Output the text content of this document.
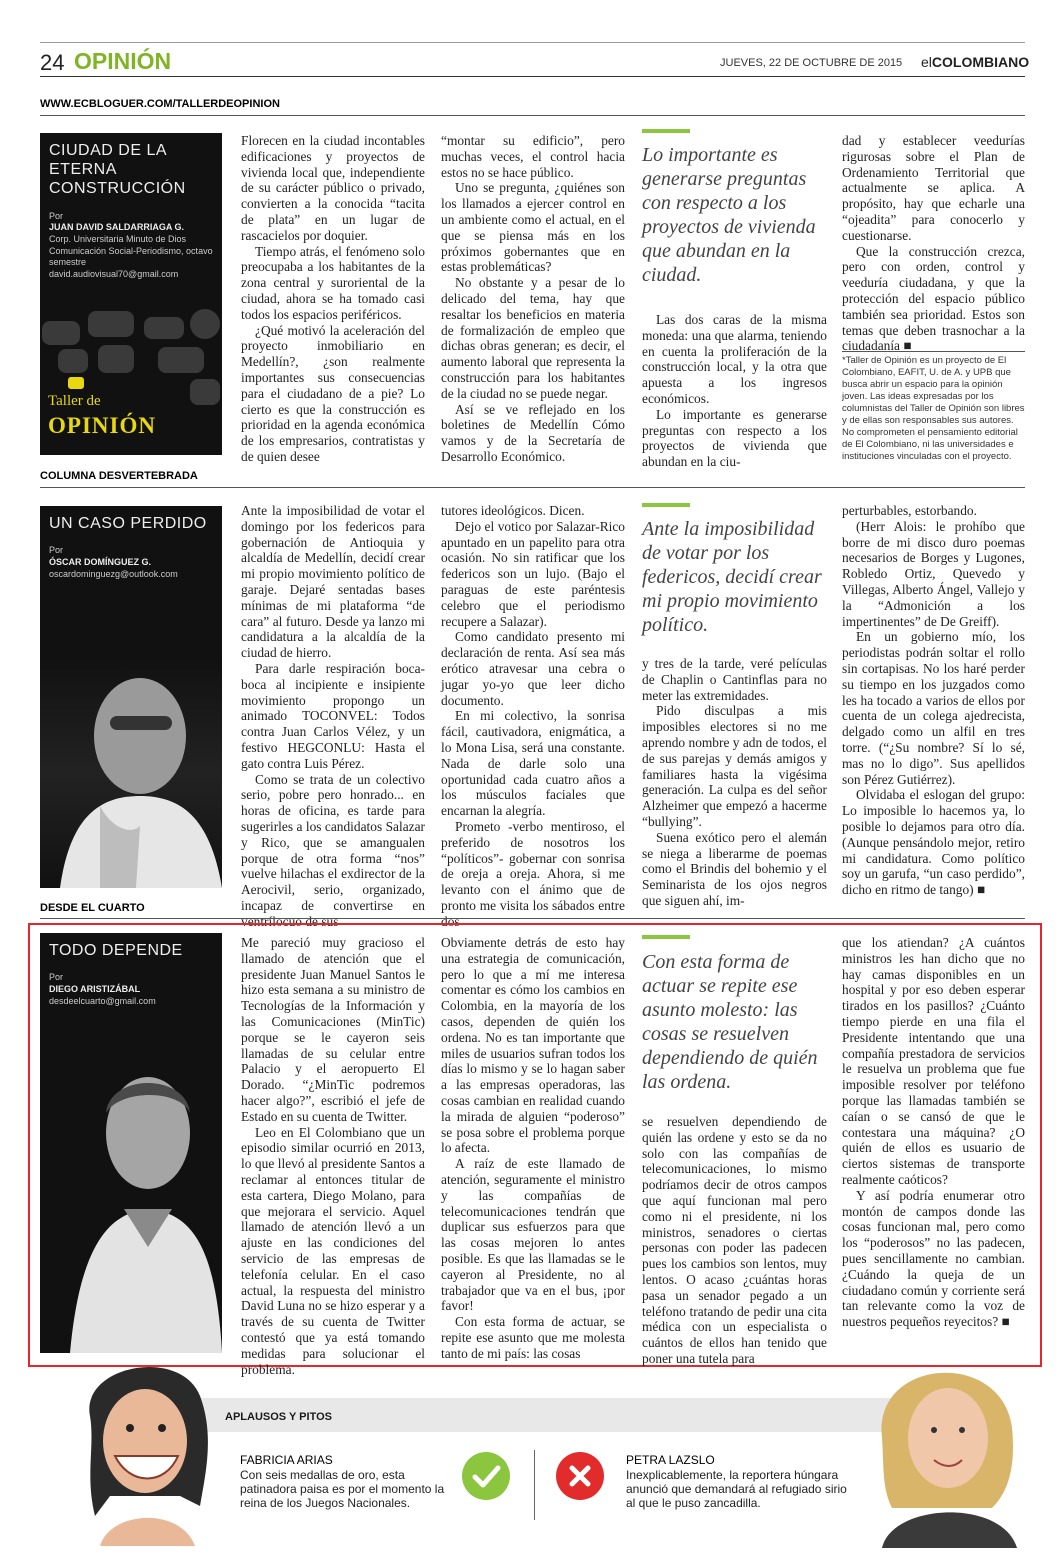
24 OPINIÓN	JUEVES, 22 DE OCTUBRE DE 2015 elCOLOMBIANO
WWW.ECBLOGUER.COM/TALLERDEOPINION
CIUDAD DE LA ETERNA CONSTRUCCIÓN
Por
JUAN DAVID SALDARRIAGA G.
Corp. Universitaria Minuto de Dios Comunicación Social-Periodismo, octavo semestre
david.audiovisual70@gmail.com
Taller de
OPINIÓN

Florecen en la ciudad incontables edificaciones y proyectos de vivienda local que, independiente de su carácter público o privado, convierten a la conocida “tacita de plata” en un lugar de rascacielos por doquier.

Tiempo atrás, el fenómeno solo preocupaba a los habitantes de la zona central y suroriental de la ciudad, ahora se ha tomado casi todos los espacios periféricos.

¿Qué motivó la aceleración del proyecto inmobiliario en Medellín?, ¿son realmente importantes sus consecuencias para el ciudadano de a pie? Lo cierto es que la construcción es prioridad en la agenda económica de los empresarios, contratistas y de quien desee

“montar su edificio”, pero muchas veces, el control hacia estos no se hace público.

Uno se pregunta, ¿quiénes son los llamados a ejercer control en un ambiente como el actual, en el que se piensa más en los próximos gobernantes que en estas problemáticas?

No obstante y a pesar de lo delicado del tema, hay que resaltar los beneficios en materia de formalización de empleo que dichas obras generan; es decir, el aumento laboral que representa la construcción para los habitantes de la ciudad no se puede negar.

Así se ve reflejado en los boletines de Medellín Cómo vamos y de la Secretaría de Desarrollo Económico.

Lo importante es generarse preguntas con respecto a los proyectos de vivienda que abundan en la ciudad.

Las dos caras de la misma moneda: una que alarma, teniendo en cuenta la proliferación de la construcción local, y la otra que apuesta a los ingresos económicos.

Lo importante es generarse preguntas con respecto a los proyectos de vivienda que abundan en la ciu-

dad y establecer veedurías rigurosas sobre el Plan de Ordenamiento Territorial que actualmente se aplica. A propósito, hay que echarle una “ojeadita” para conocerlo y cuestionarse.

Que la construcción crezca, pero con orden, control y veeduría ciudadana, y que la protección del espacio público también sea prioridad. Estos son temas que deben trasnochar a la ciudadanía ■

*Taller de Opinión es un proyecto de El Colombiano, EAFIT, U. de A. y UPB que busca abrir un espacio para la opinión joven. Las ideas expresadas por los columnistas del Taller de Opinión son libres y de ellas son responsables sus autores. No comprometen el pensamiento editorial de El Colombiano, ni las universidades e instituciones vinculadas con el proyecto.
COLUMNA DESVERTEBRADA
UN CASO PERDIDO
Por
ÓSCAR DOMÍNGUEZ G.
oscardominguezg@outlook.com

Ante la imposibilidad de votar el domingo por los federicos para gobernación de Antioquia y alcaldía de Medellín, decidí crear mi propio movimiento político de garaje. Dejaré sentadas bases mínimas de mi plataforma “de cara” al futuro. Desde ya lanzo mi candidatura a la alcaldía de la ciudad de hierro.

Para darle respiración boca-boca al incipiente e insipiente movimiento propongo un animado TOCONVEL: Todos contra Juan Carlos Vélez, y un festivo HEGCONLU: Hasta el gato contra Luis Pérez.

Como se trata de un colectivo serio, pobre pero honrado... en horas de oficina, es tarde para sugerirles a los candidatos Salazar y Rico, que se amangualen porque de otra forma “nos” vuelve hilachas el exdirector de la Aerocivil, serio, organizado, incapaz de convertirse en ventrílocuo de sus

tutores ideológicos. Dicen.

Dejo el votico por Salazar-Rico apuntado en un papelito para otra ocasión. No sin ratificar que los federicos son un lujo. (Bajo el paraguas de este paréntesis celebro que el periodismo recupere a Salazar).

Como candidato presento mi declaración de renta. Así sea más erótico atravesar una cebra o jugar yo-yo que leer dicho documento.

En mi colectivo, la sonrisa fácil, cautivadora, enigmática, a lo Mona Lisa, será una constante. Nada de darle solo una oportunidad cada cuatro años a los músculos faciales que encarnan la alegría.

Prometo -verbo mentiroso, el preferido de nosotros los “políticos”- gobernar con sonrisa de oreja a oreja. Ahora, si me levanto con el ánimo que de pronto me visita los sábados entre dos

Ante la imposibilidad de votar por los federicos, decidí crear mi propio movimiento político.

y tres de la tarde, veré películas de Chaplin o Cantinflas para no meter las extremidades.

Pido disculpas a mis imposibles electores si no me aprendo nombre y adn de todos, el de sus parejas y demás amigos y familiares hasta la vigésima generación. La culpa es del señor Alzheimer que empezó a hacerme “bullying”.

Suena exótico pero el alemán se niega a liberarme de poemas como el Brindis del bohemio y el Seminarista de los ojos negros que siguen ahí, im-

perturbables, estorbando.

(Herr Alois: le prohíbo que borre de mi disco duro poemas necesarios de Borges y Lugones, Robledo Ortiz, Quevedo y Villegas, Alberto Ángel, Vallejo y la “Admonición a los impertinentes” de De Greiff).

En un gobierno mío, los periodistas podrán soltar el rollo sin cortapisas. No los haré perder su tiempo en los juzgados como les ha tocado a varios de ellos por cuenta de un colega ajedrecista, delgado como un alfil en tres torre. (“¿Su nombre? Sí lo sé, mas no lo digo”. Sus apellidos son Pérez Gutiérrez).

Olvidaba el eslogan del grupo: Lo imposible lo hacemos ya, lo posible lo dejamos para otro día. (Aunque pensándolo mejor, retiro mi candidatura. Como político soy un garufa, “un caso perdido”, dicho en ritmo de tango) ■

DESDE EL CUARTO
TODO DEPENDE
Por
DIEGO ARISTIZÁBAL
desdeelcuarto@gmail.com

Me pareció muy gracioso el llamado de atención que el presidente Juan Manuel Santos le hizo esta semana a su ministro de Tecnologías de la Información y las Comunicaciones (MinTic) porque se le cayeron seis llamadas de su celular entre Palacio y el aeropuerto El Dorado. “¿MinTic podremos hacer algo?”, escribió el jefe de Estado en su cuenta de Twitter.

Leo en El Colombiano que un episodio similar ocurrió en 2013, lo que llevó al presidente Santos a reclamar al entonces titular de esta cartera, Diego Molano, para que mejorara el servicio. Aquel llamado de atención llevó a un ajuste en las condiciones del servicio de las empresas de telefonía celular. En el caso actual, la respuesta del ministro David Luna no se hizo esperar y a través de su cuenta de Twitter contestó que ya está tomando medidas para solucionar el problema.

Obviamente detrás de esto hay una estrategia de comunicación, pero lo que a mí me interesa comentar es cómo los cambios en Colombia, en la mayoría de los casos, dependen de quién los ordena. No es tan importante que miles de usuarios sufran todos los días lo mismo y se lo hagan saber a las empresas operadoras, las cosas cambian en realidad cuando la mirada de alguien “poderoso” se posa sobre el problema porque lo afecta.

A raíz de este llamado de atención, seguramente el ministro y las compañías de telecomunicaciones tendrán que duplicar sus esfuerzos para que las cosas mejoren lo antes posible. Es que las llamadas se le cayeron al Presidente, no al trabajador que va en el bus, ¡por favor!

Con esta forma de actuar, se repite ese asunto que me molesta tanto de mi país: las cosas

Con esta forma de actuar se repite ese asunto molesto: las cosas se resuelven dependiendo de quién las ordena.

se resuelven dependiendo de quién las ordene y esto se da no solo con las compañías de telecomunicaciones, lo mismo podríamos decir de otros campos que aquí funcionan mal pero como ni el presidente, ni los ministros, senadores o ciertas personas con poder las padecen pues los cambios son lentos, muy lentos. O acaso ¿cuántas horas pasa un senador pegado a un teléfono tratando de pedir una cita médica con un especialista o cuántos de ellos han tenido que poner una tutela para

que los atiendan? ¿A cuántos ministros les han dicho que no hay camas disponibles en un hospital y por eso deben esperar tirados en los pasillos? ¿Cuánto tiempo pierde en una fila el Presidente intentando que una compañía prestadora de servicios le resuelva un problema que fue imposible resolver por teléfono porque las llamadas también se caían o se cansó de que le contestara una máquina? ¿O quién de ellos es usuario de ciertos sistemas de transporte realmente caóticos?

Y así podría enumerar otro montón de campos donde las cosas funcionan mal, pero como los “poderosos” no las padecen, pues sencillamente no cambian. ¿Cuándo la queja de un ciudadano común y corriente será tan relevante como la voz de nuestros pequeños reyecitos? ■

APLAUSOS Y PITOS
FABRICIA ARIAS
Con seis medallas de oro, esta patinadora paisa es por el momento la reina de los Juegos Nacionales.
PETRA LAZSLO
Inexplicablemente, la reportera húngara anunció que demandará al refugiado sirio al que le puso zancadilla.
